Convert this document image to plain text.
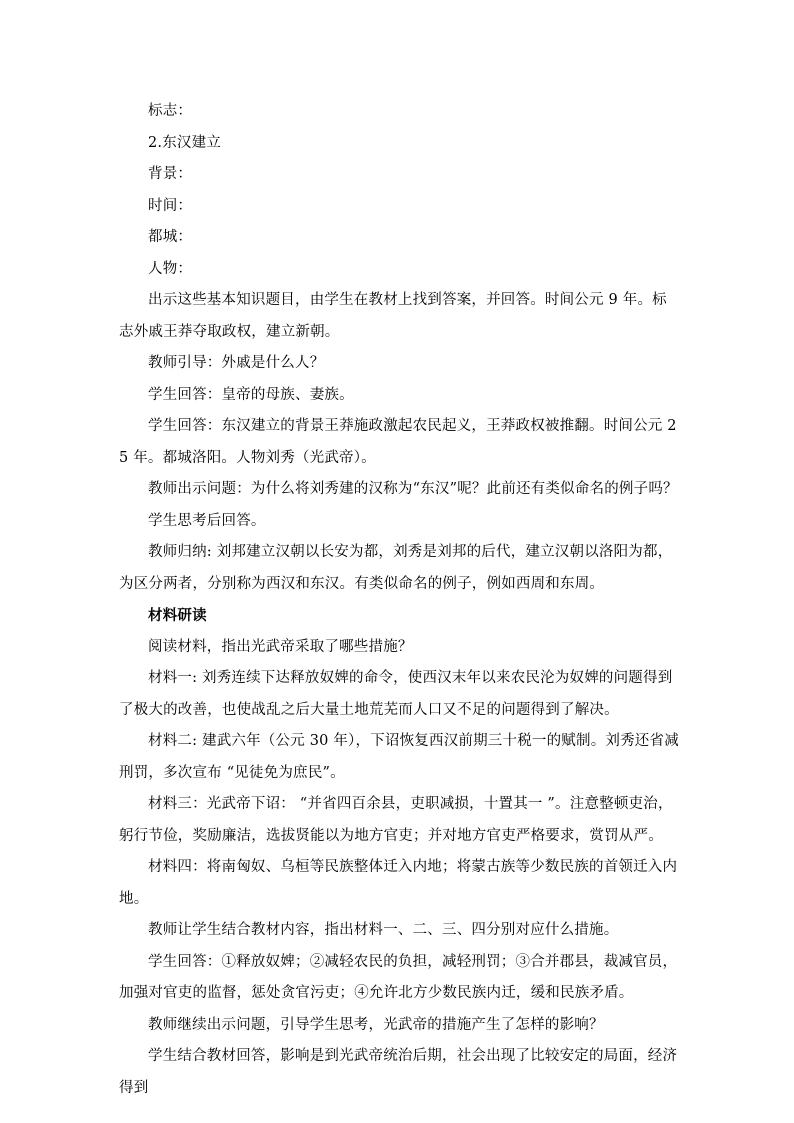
标志：

2.东汉建立

背景：

时间：

都城：

人物：

出示这些基本知识题目，由学生在教材上找到答案，并回答。时间公元 9 年。标志外戚王莽夺取政权，建立新朝。

教师引导：外戚是什么人？

学生回答：皇帝的母族、妻族。

学生回答：东汉建立的背景王莽施政激起农民起义，王莽政权被推翻。时间公元 25 年。都城洛阳。人物刘秀（光武帝）。

教师出示问题：为什么将刘秀建的汉称为“东汉”呢？此前还有类似命名的例子吗？

学生思考后回答。

教师归纳: 刘邦建立汉朝以长安为都，刘秀是刘邦的后代，建立汉朝以洛阳为都，为区分两者，分别称为西汉和东汉。有类似命名的例子，例如西周和东周。

材料研读

阅读材料，指出光武帝采取了哪些措施？

材料一: 刘秀连续下达释放奴婢的命令，使西汉末年以来农民沦为奴婢的问题得到了极大的改善，也使战乱之后大量土地荒芜而人口又不足的问题得到了解决。

材料二: 建武六年（公元 30 年），下诏恢复西汉前期三十税一的赋制。刘秀还省减刑罚，多次宣布 “见徒免为庶民”。

材料三：光武帝下诏： “并省四百余县，吏职减损，十置其一 ”。注意整顿吏治，躬行节俭，奖励廉洁，选拔贤能以为地方官吏；并对地方官吏严格要求，赏罚从严。

材料四：将南匈奴、乌桓等民族整体迁入内地；将蒙古族等少数民族的首领迁入内地。

教师让学生结合教材内容，指出材料一、二、三、四分别对应什么措施。

学生回答：①释放奴婢；②减轻农民的负担，减轻刑罚；③合并郡县，裁减官员，加强对官吏的监督，惩处贪官污吏；④允许北方少数民族内迁，缓和民族矛盾。

教师继续出示问题，引导学生思考，光武帝的措施产生了怎样的影响？

学生结合教材回答，影响是到光武帝统治后期，社会出现了比较安定的局面，经济得到
